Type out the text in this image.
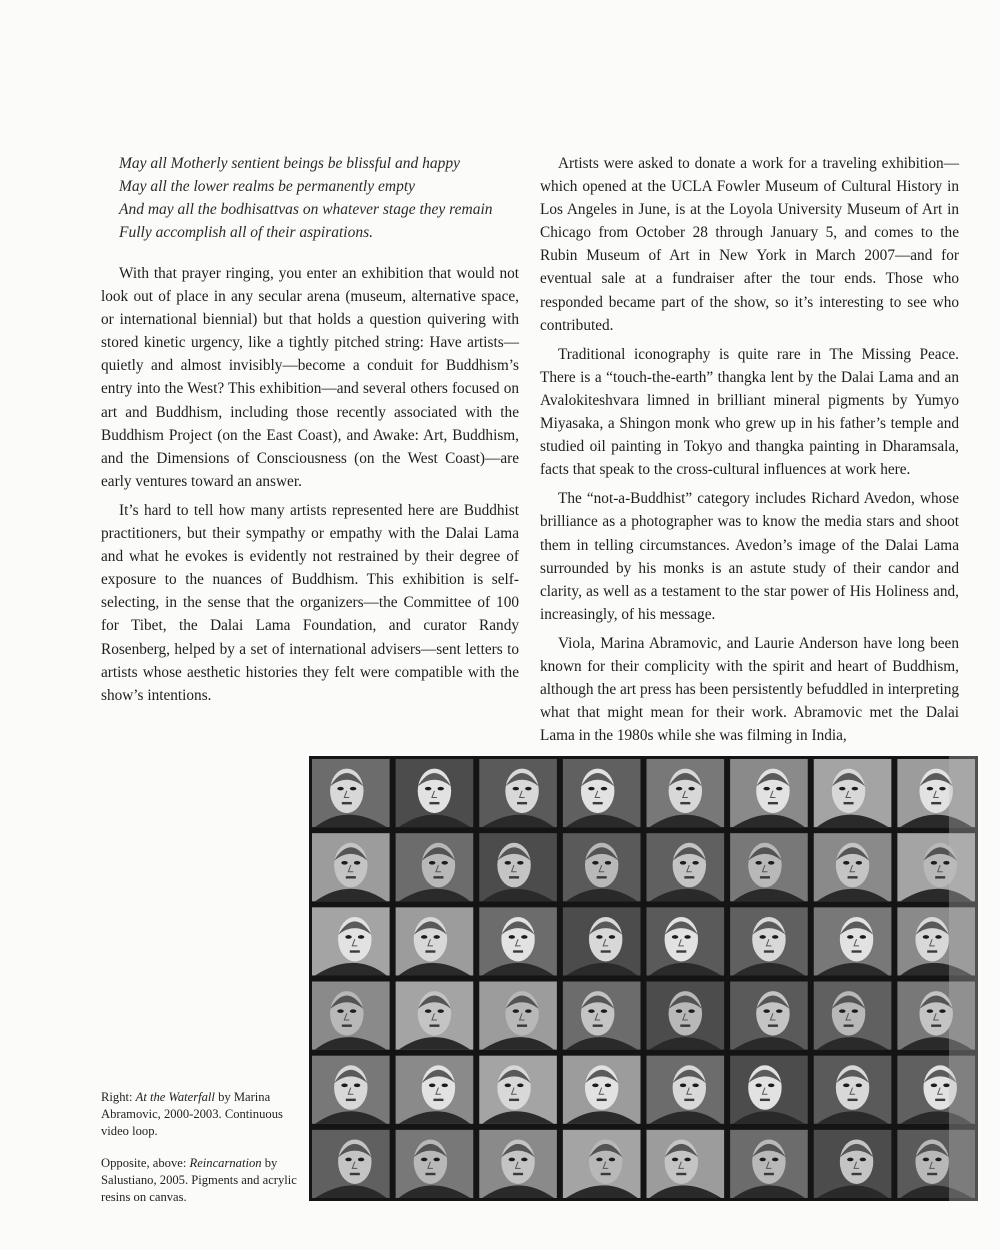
May all Motherly sentient beings be blissful and happy
May all the lower realms be permanently empty
And may all the bodhisattvas on whatever stage they remain
Fully accomplish all of their aspirations.

With that prayer ringing, you enter an exhibition that would not look out of place in any secular arena (museum, alternative space, or international biennial) but that holds a question quivering with stored kinetic urgency, like a tightly pitched string: Have artists—quietly and almost invisibly—become a conduit for Buddhism’s entry into the West? This exhibition—and several others focused on art and Buddhism, including those recently associated with the Buddhism Project (on the East Coast), and Awake: Art, Buddhism, and the Dimensions of Consciousness (on the West Coast)—are early ventures toward an answer.

It’s hard to tell how many artists represented here are Buddhist practitioners, but their sympathy or empathy with the Dalai Lama and what he evokes is evidently not restrained by their degree of exposure to the nuances of Buddhism. This exhibition is self-selecting, in the sense that the organizers—the Committee of 100 for Tibet, the Dalai Lama Foundation, and curator Randy Rosenberg, helped by a set of international advisers—sent letters to artists whose aesthetic histories they felt were compatible with the show’s intentions.

Artists were asked to donate a work for a traveling exhibition—which opened at the UCLA Fowler Museum of Cultural History in Los Angeles in June, is at the Loyola University Museum of Art in Chicago from October 28 through January 5, and comes to the Rubin Museum of Art in New York in March 2007—and for eventual sale at a fundraiser after the tour ends. Those who responded became part of the show, so it’s interesting to see who contributed.

Traditional iconography is quite rare in The Missing Peace. There is a “touch-the-earth” thangka lent by the Dalai Lama and an Avalokiteshvara limned in brilliant mineral pigments by Yumyo Miyasaka, a Shingon monk who grew up in his father’s temple and studied oil painting in Tokyo and thangka painting in Dharamsala, facts that speak to the cross-cultural influences at work here.

The “not-a-Buddhist” category includes Richard Avedon, whose brilliance as a photographer was to know the media stars and shoot them in telling circumstances. Avedon’s image of the Dalai Lama surrounded by his monks is an astute study of their candor and clarity, as well as a testament to the star power of His Holiness and, increasingly, of his message.

Viola, Marina Abramovic, and Laurie Anderson have long been known for their complicity with the spirit and heart of Buddhism, although the art press has been persistently befuddled in interpreting what that might mean for their work. Abramovic met the Dalai Lama in the 1980s while she was filming in India,

Right: At the Waterfall by Marina Abramovic, 2000-2003. Continuous video loop.
Opposite, above: Reincarnation by Salustiano, 2005. Pigments and acrylic resins on canvas.
